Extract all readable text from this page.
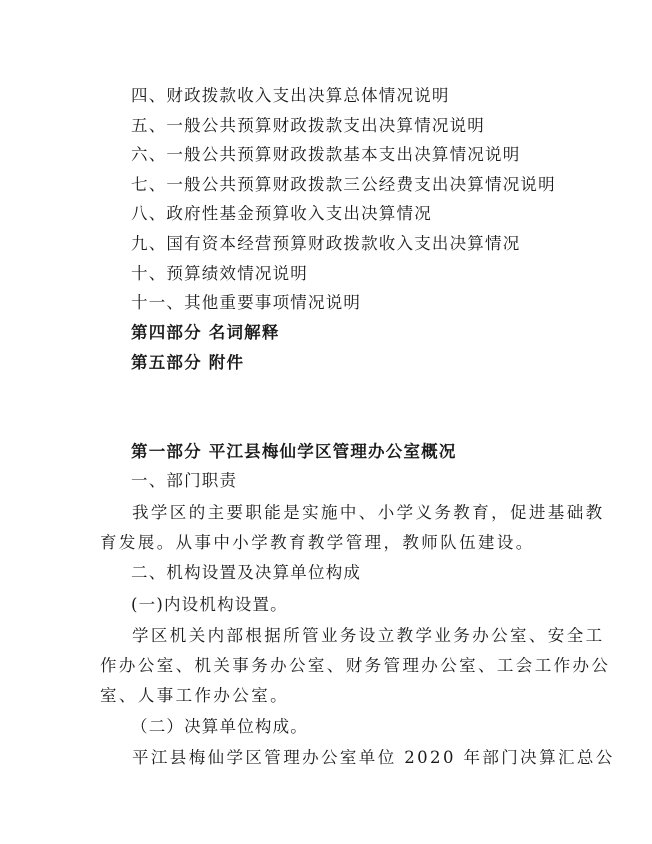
四、财政拨款收入支出决算总体情况说明
五、一般公共预算财政拨款支出决算情况说明
六、一般公共预算财政拨款基本支出决算情况说明
七、一般公共预算财政拨款三公经费支出决算情况说明
八、政府性基金预算收入支出决算情况
九、国有资本经营预算财政拨款收入支出决算情况
十、预算绩效情况说明
十一、其他重要事项情况说明
第四部分 名词解释
第五部分 附件
第一部分 平江县梅仙学区管理办公室概况
一、部门职责
我学区的主要职能是实施中、小学义务教育，促进基础教
育发展。从事中小学教育教学管理，教师队伍建设。
二、机构设置及决算单位构成
(一)内设机构设置。
学区机关内部根据所管业务设立教学业务办公室、安全工
作办公室、机关事务办公室、财务管理办公室、工会工作办公
室、人事工作办公室。
（二）决算单位构成。
平江县梅仙学区管理办公室单位 2020 年部门决算汇总公
